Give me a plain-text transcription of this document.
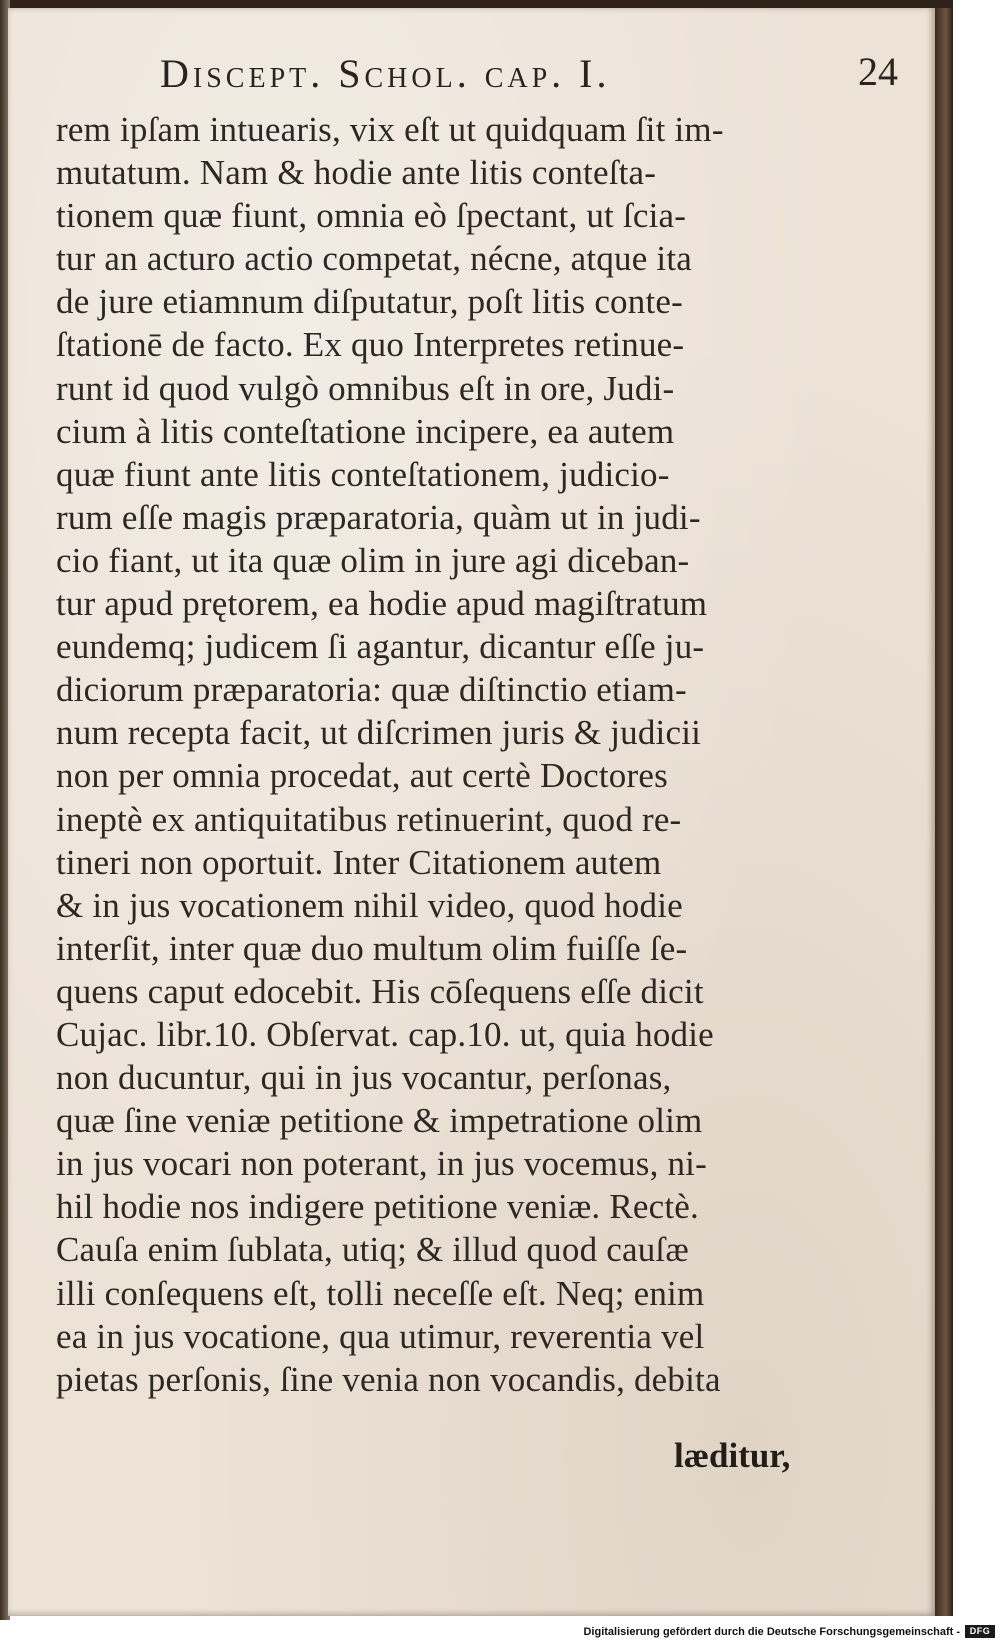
Discept. Schol. cap. I.	24
rem ipſam intuearis, vix eſt ut quidquam ſit im-
mutatum. Nam & hodie ante litis conteſta-
tionem quæ fiunt, omnia eò ſpectant, ut ſcia-
tur an acturo actio competat, nécne, atque ita
de jure etiamnum diſputatur, poſt litis conte-
ſtationē de facto. Ex quo Interpretes retinue-
runt id quod vulgò omnibus eſt in ore, Judi-
cium à litis conteſtatione incipere, ea autem
quæ fiunt ante litis conteſtationem, judicio-
rum eſſe magis præparatoria, quàm ut in judi-
cio fiant, ut ita quæ olim in jure agi diceban-
tur apud prętorem, ea hodie apud magiſtratum
eundemq; judicem ſi agantur, dicantur eſſe ju-
diciorum præparatoria: quæ diſtinctio etiam-
num recepta facit, ut diſcrimen juris & judicii
non per omnia procedat, aut certè Doctores
ineptè ex antiquitatibus retinuerint, quod re-
tineri non oportuit. Inter Citationem autem
& in jus vocationem nihil video, quod hodie
interſit, inter quæ duo multum olim fuiſſe ſe-
quens caput edocebit. His cōſequens eſſe dicit
Cujac. libr.10. Obſervat. cap.10. ut, quia hodie
non ducuntur, qui in jus vocantur, perſonas,
quæ ſine veniæ petitione & impetratione olim
in jus vocari non poterant, in jus vocemus, ni-
hil hodie nos indigere petitione veniæ. Rectè.
Cauſa enim ſublata, utiq; & illud quod cauſæ
illi conſequens eſt, tolli neceſſe eſt. Neq; enim
ea in jus vocatione, qua utimur, reverentia vel
pietas perſonis, ſine venia non vocandis, debita
læditur,
Digitalisierung gefördert durch die Deutsche Forschungsgemeinschaft -	DFG
